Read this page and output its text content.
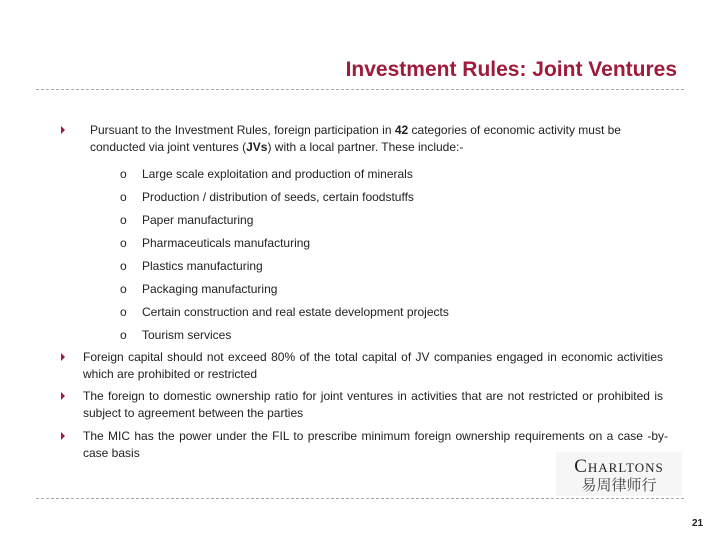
Investment Rules: Joint Ventures
Pursuant to the Investment Rules, foreign participation in 42 categories of economic activity must be conducted via joint ventures (JVs) with a local partner. These include:-
o Large scale exploitation and production of minerals
o Production / distribution of seeds, certain foodstuffs
o Paper manufacturing
o Pharmaceuticals manufacturing
o Plastics manufacturing
o Packaging manufacturing
o Certain construction and real estate development projects
o Tourism services
Foreign capital should not exceed 80% of the total capital of JV companies engaged in economic activities which are prohibited or restricted
The foreign to domestic ownership ratio for joint ventures in activities that are not restricted or prohibited is subject to agreement between the parties
The MIC has the power under the FIL to prescribe minimum foreign ownership requirements on a case -by-case basis
Charltons
易周律师行
21
